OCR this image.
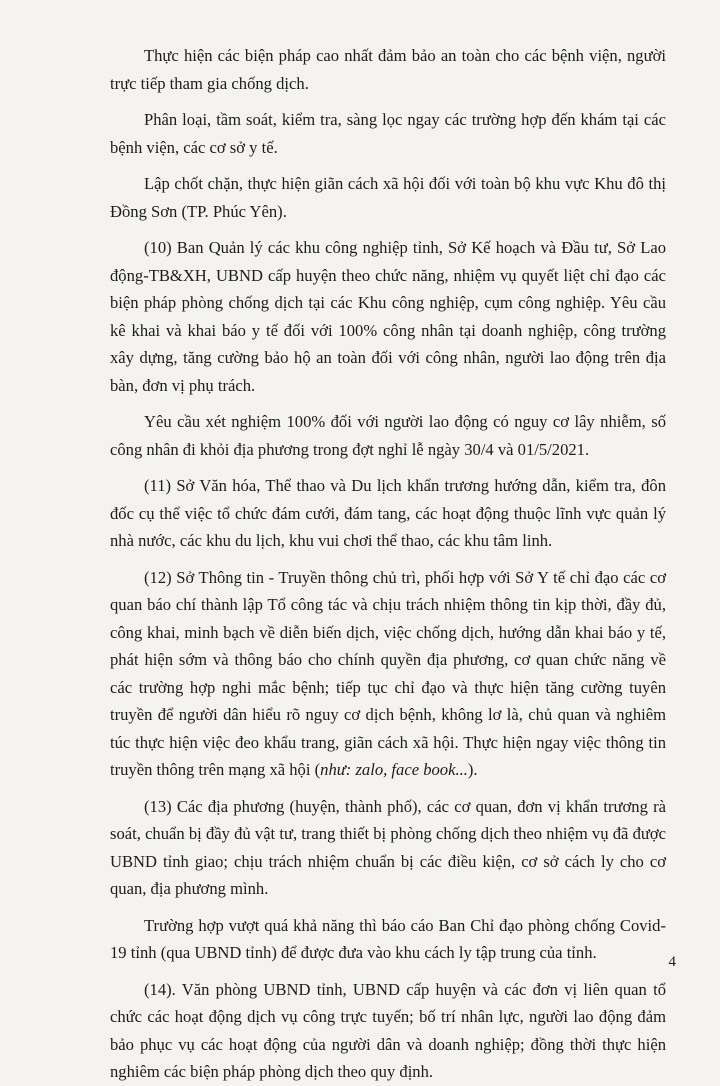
Thực hiện các biện pháp cao nhất đảm bảo an toàn cho các bệnh viện, người trực tiếp tham gia chống dịch.

Phân loại, tầm soát, kiểm tra, sàng lọc ngay các trường hợp đến khám tại các bệnh viện, các cơ sở y tế.

Lập chốt chặn, thực hiện giãn cách xã hội đối với toàn bộ khu vực Khu đô thị Đồng Sơn (TP. Phúc Yên).

(10) Ban Quản lý các khu công nghiệp tỉnh, Sở Kế hoạch và Đầu tư, Sở Lao động-TB&XH, UBND cấp huyện theo chức năng, nhiệm vụ quyết liệt chỉ đạo các biện pháp phòng chống dịch tại các Khu công nghiệp, cụm công nghiệp. Yêu cầu kê khai và khai báo y tế đối với 100% công nhân tại doanh nghiệp, công trường xây dựng, tăng cường bảo hộ an toàn đối với công nhân, người lao động trên địa bàn, đơn vị phụ trách.

Yêu cầu xét nghiệm 100% đối với người lao động có nguy cơ lây nhiễm, số công nhân đi khỏi địa phương trong đợt nghỉ lễ ngày 30/4 và 01/5/2021.

(11) Sở Văn hóa, Thể thao và Du lịch khẩn trương hướng dẫn, kiểm tra, đôn đốc cụ thể việc tổ chức đám cưới, đám tang, các hoạt động thuộc lĩnh vực quản lý nhà nước, các khu du lịch, khu vui chơi thể thao, các khu tâm linh.

(12) Sở Thông tin - Truyền thông chủ trì, phối hợp với Sở Y tế chỉ đạo các cơ quan báo chí thành lập Tổ công tác và chịu trách nhiệm thông tin kịp thời, đầy đủ, công khai, minh bạch về diễn biến dịch, việc chống dịch, hướng dẫn khai báo y tế, phát hiện sớm và thông báo cho chính quyền địa phương, cơ quan chức năng về các trường hợp nghi mắc bệnh; tiếp tục chỉ đạo và thực hiện tăng cường tuyên truyền để người dân hiểu rõ nguy cơ dịch bệnh, không lơ là, chủ quan và nghiêm túc thực hiện việc đeo khẩu trang, giãn cách xã hội. Thực hiện ngay việc thông tin truyền thông trên mạng xã hội (như: zalo, face book...).

(13) Các địa phương (huyện, thành phố), các cơ quan, đơn vị khẩn trương rà soát, chuẩn bị đầy đủ vật tư, trang thiết bị phòng chống dịch theo nhiệm vụ đã được UBND tỉnh giao; chịu trách nhiệm chuẩn bị các điều kiện, cơ sở cách ly cho cơ quan, địa phương mình.

Trường hợp vượt quá khả năng thì báo cáo Ban Chỉ đạo phòng chống Covid-19 tỉnh (qua UBND tỉnh) để được đưa vào khu cách ly tập trung của tỉnh.

(14). Văn phòng UBND tỉnh, UBND cấp huyện và các đơn vị liên quan tổ chức các hoạt động dịch vụ công trực tuyến; bố trí nhân lực, người lao động đảm bảo phục vụ các hoạt động của người dân và doanh nghiệp; đồng thời thực hiện nghiêm các biện pháp phòng dịch theo quy định.

4
